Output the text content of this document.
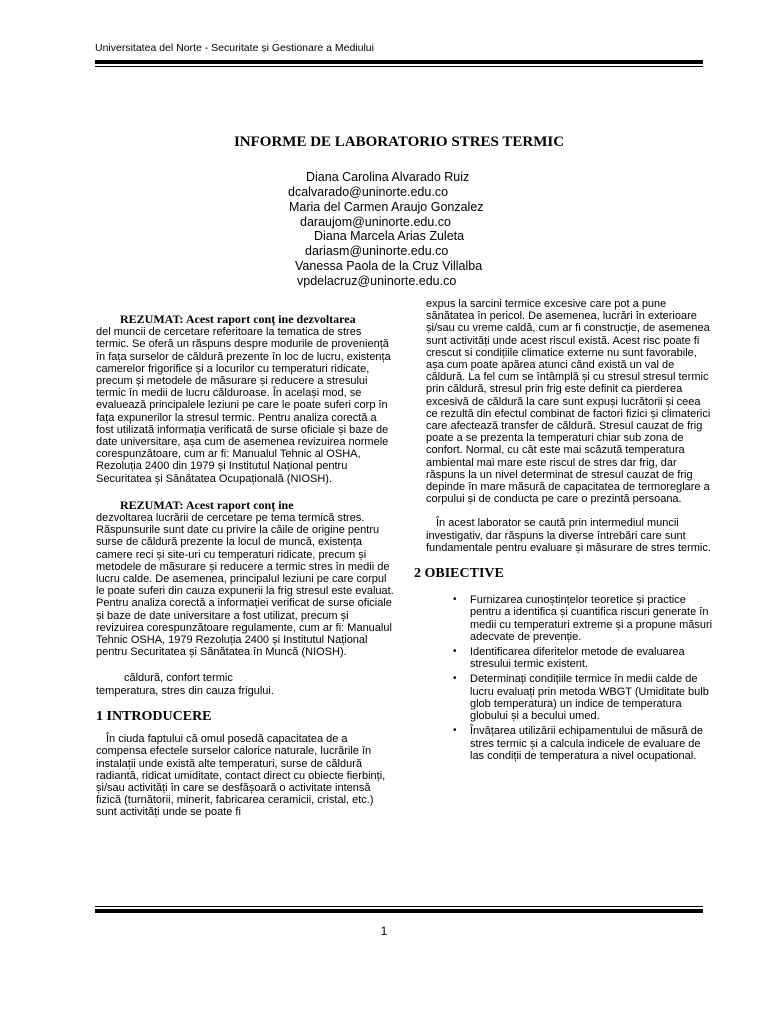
Universitatea del Norte - Securitate și Gestionare a Mediului
INFORME DE LABORATORIO STRES TERMIC
Diana Carolina Alvarado Ruiz
dcalvarado@uninorte.edu.co
Maria del Carmen Araujo Gonzalez
daraujom@uninorte.edu.co
Diana Marcela Arias Zuleta
dariasm@uninorte.edu.co
Vanessa Paola de la Cruz Villalba
vpdelacruz@uninorte.edu.co

REZUMAT: Acest raport conț ine dezvoltarea

del muncii de cercetare referitoare la tematica de stres termic. Se oferă un răspuns despre modurile de proveniență în fața surselor de căldură prezente în loc de lucru, existența camerelor frigorifice și a locurilor cu temperaturi ridicate, precum și metodele de măsurare și reducere a stresului termic în medii de lucru călduroase. În același mod, se evaluează principalele leziuni pe care le poate suferi corp în fața expunerilor la stresul termic. Pentru analiza corectă a fost utilizată informația verificată de surse oficiale și baze de date universitare, așa cum de asemenea revizuirea normele corespunzătoare, cum ar fi: Manualul Tehnic al OSHA, Rezoluția 2400 din 1979 și Institutul Național pentru Securitatea și Sănătatea Ocupațională (NIOSH).

REZUMAT: Acest raport conț ine

dezvoltarea lucrării de cercetare pe tema termică stres. Răspunsurile sunt date cu privire la căile de origine pentru surse de căldură prezente la locul de muncă, existența camere reci și site-uri cu temperaturi ridicate, precum și metodele de măsurare și reducere a termic stres în medii de lucru calde. De asemenea, principalul leziuni pe care corpul le poate suferi din cauza expunerii la frig stresul este evaluat. Pentru analiza corectă a informației verificat de surse oficiale și baze de date universitare a fost utilizat, precum și revizuirea corespunzătoare regulamente, cum ar fi: Manualul Tehnic OSHA, 1979 Rezoluția 2400 și Institutul Național pentru Securitatea și Sănătatea în Muncă (NIOSH).

căldură, confort termic

temperatura, stres din cauza frigului.

1 INTRODUCERE

În ciuda faptului că omul posedă capacitatea de a compensa efectele surselor calorice naturale, lucrările în instalații unde există alte temperaturi, surse de căldură radiantă, ridicat umiditate, contact direct cu obiecte fierbinți, și/sau activități în care se desfășoară o activitate intensă fizică (turnătorii, minerit, fabricarea ceramicii, cristal, etc.) sunt activități unde se poate fi

expus la sarcini termice excesive care pot a pune sănătatea în pericol. De asemenea, lucrări în exterioare și/sau cu vreme caldă, cum ar fi construcție, de asemenea sunt activități unde acest riscul există. Acest risc poate fi crescut si condițiile climatice externe nu sunt favorabile, așa cum poate apărea atunci când există un val de căldură. La fel cum se întâmplă și cu stresul stresul termic prin căldură, stresul prin frig este definit ca pierderea excesivă de căldură la care sunt expuși lucrătorii și ceea ce rezultă din efectul combinat de factori fizici și climaterici care afectează transfer de căldură. Stresul cauzat de frig poate a se prezenta la temperaturi chiar sub zona de confort. Normal, cu cât este mai scăzută temperatura ambiental mai mare este riscul de stres dar frig, dar răspuns la un nivel determinat de stresul cauzat de frig depinde în mare măsură de capacitatea de termoreglare a corpului și de conducta pe care o prezintă persoana.

În acest laborator se caută prin intermediul muncii investigativ, dar răspuns la diverse întrebări care sunt fundamentale pentru evaluare și măsurare de stres termic.

2 OBIECTIVE

• Furnizarea cunoștințelor teoretice și practice pentru a identifica și cuantifica riscuri generate în medii cu temperaturi extreme și a propune măsuri adecvate de prevenție.
• Identificarea diferitelor metode de evaluarea stresului termic existent.
• Determinați condițiile termice în medii calde de lucru evaluați prin metoda WBGT (Umiditate bulb glob temperatura) un indice de temperatura globului și a becului umed.
• Învățarea utilizării echipamentului de măsură de stres termic și a calcula indicele de evaluare de las condiții de temperatura a nivel ocupational.
1
